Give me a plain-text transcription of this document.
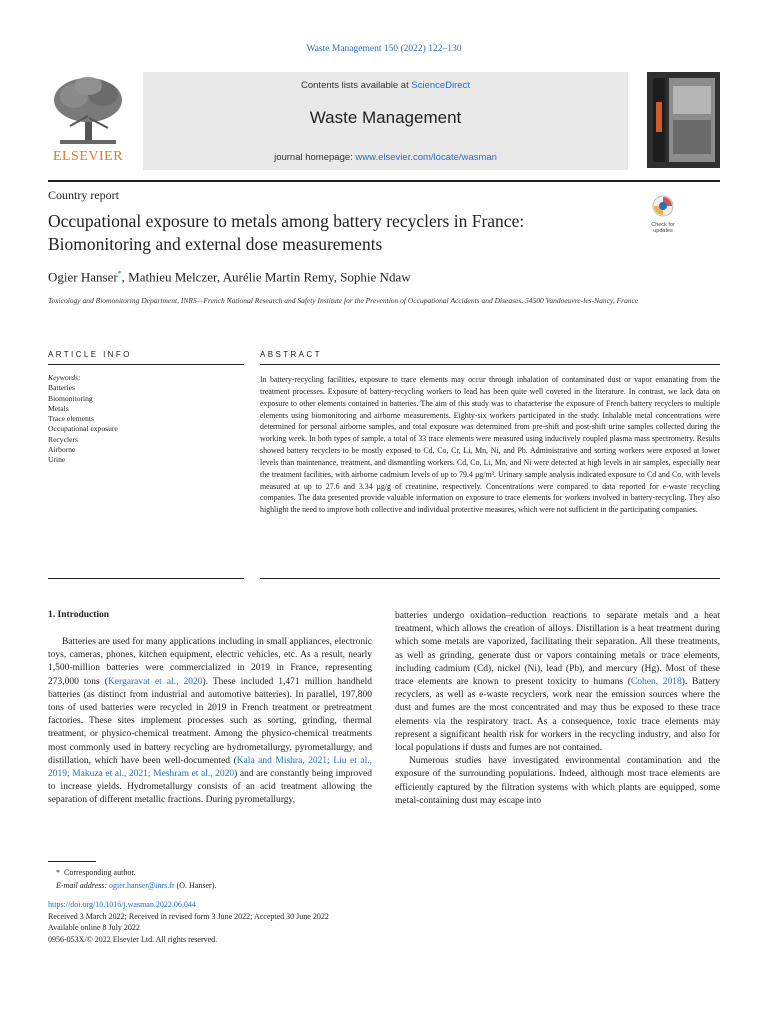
Waste Management 150 (2022) 122–130
ELSEVIER
Contents lists available at ScienceDirect
Waste Management
journal homepage: www.elsevier.com/locate/wasman
Country report
Occupational exposure to metals among battery recyclers in France:
Biomonitoring and external dose measurements
Check for updates
Ogier Hanser*, Mathieu Melczer, Aurélie Martin Remy, Sophie Ndaw
Toxicology and Biomonitoring Department, INRS—French National Research and Safety Institute for the Prevention of Occupational Accidents and Diseases, 54500 Vandoeuvre-les-Nancy, France
ARTICLE INFO	ABSTRACT
Keywords:
Batteries
Biomonitoring
Metals
Trace elements
Occupational exposure
Recyclers
Airborne
Urine
In battery-recycling facilities, exposure to trace elements may occur through inhalation of contaminated dust or vapor emanating from the treatment processes. Exposure of battery-recycling workers to lead has been quite well covered in the literature. In contrast, we lack data on exposure to other elements contained in batteries. The aim of this study was to characterise the exposure of French battery recyclers to multiple elements using biomonitoring and airborne measurements. Eighty-six workers participated in the study. Inhalable metal concentrations were determined for personal airborne samples, and total exposure was determined from pre-shift and post-shift urine samples collected during the working week. In both types of sample, a total of 33 trace elements were measured using inductively coupled plasma mass spectrometry. Results showed battery recyclers to be mostly exposed to Cd, Co, Cr, Li, Mn, Ni, and Pb. Administrative and sorting workers were exposed at lower levels than maintenance, treatment, and dismantling workers. Cd, Co, Li, Mn, and Ni were detected at high levels in air samples, especially near the treatment facilities, with airborne cadmium levels of up to 79.4 μg/m³. Urinary sample analysis indicated exposure to Cd and Co, with levels measured at up to 27.6 and 3.34 μg/g of creatinine, respectively. Concentrations were compared to data reported for e-waste recycling companies. The data presented provide valuable information on exposure to trace elements for workers involved in battery-recycling. They also highlight the need to improve both collective and individual protective measures, which were not sufficient in the participating companies.
1. Introduction

Batteries are used for many applications including in small appliances, electronic toys, cameras, phones, kitchen equipment, electric vehicles, etc. As a result, nearly 1,500-million batteries were commercialized in 2019 in France, representing 273,000 tons (Kergaravat et al., 2020). These included 1,471 million handheld batteries (as distinct from industrial and automotive batteries). In parallel, 197,800 tons of used batteries were recycled in 2019 in French treatment or pretreatment factories. These sites implement processes such as sorting, grinding, thermal treatment, or physico-chemical treatment. Among the physico-chemical treatments most commonly used in battery recycling are hydrometallurgy, pyrometallurgy, and distillation, which have been well-documented (Kala and Mishra, 2021; Liu et al., 2019; Makuza et al., 2021; Meshram et al., 2020) and are constantly being improved to increase yields. Hydrometallurgy consists of an acid treatment allowing the separation of different metallic fractions. During pyrometallurgy,

batteries undergo oxidation–reduction reactions to separate metals and a heat treatment, which allows the creation of alloys. Distillation is a heat treatment during which some metals are vaporized, facilitating their separation. All these treatments, as well as grinding, generate dust or vapors containing metals or trace elements, including cadmium (Cd), nickel (Ni), lead (Pb), and mercury (Hg). Most of these trace elements are known to present toxicity to humans (Cohen, 2018). Battery recyclers, as well as e-waste recyclers, work near the emission sources where the dust and fumes are the most concentrated and may thus be exposed to these trace elements via the respiratory tract. As a consequence, toxic trace elements may represent a significant health risk for workers in the recycling industry, and also for local populations if dusts and fumes are not contained.

Numerous studies have investigated environmental contamination and the exposure of the surrounding populations. Indeed, although most trace elements are efficiently captured by the filtration systems with which plants are equipped, some metal-containing dust may escape into

* Corresponding author.
E-mail address: ogier.hanser@inrs.fr (O. Hanser).
https://doi.org/10.1016/j.wasman.2022.06.044
Received 3 March 2022; Received in revised form 3 June 2022; Accepted 30 June 2022
Available online 8 July 2022
0956-053X/© 2022 Elsevier Ltd. All rights reserved.
